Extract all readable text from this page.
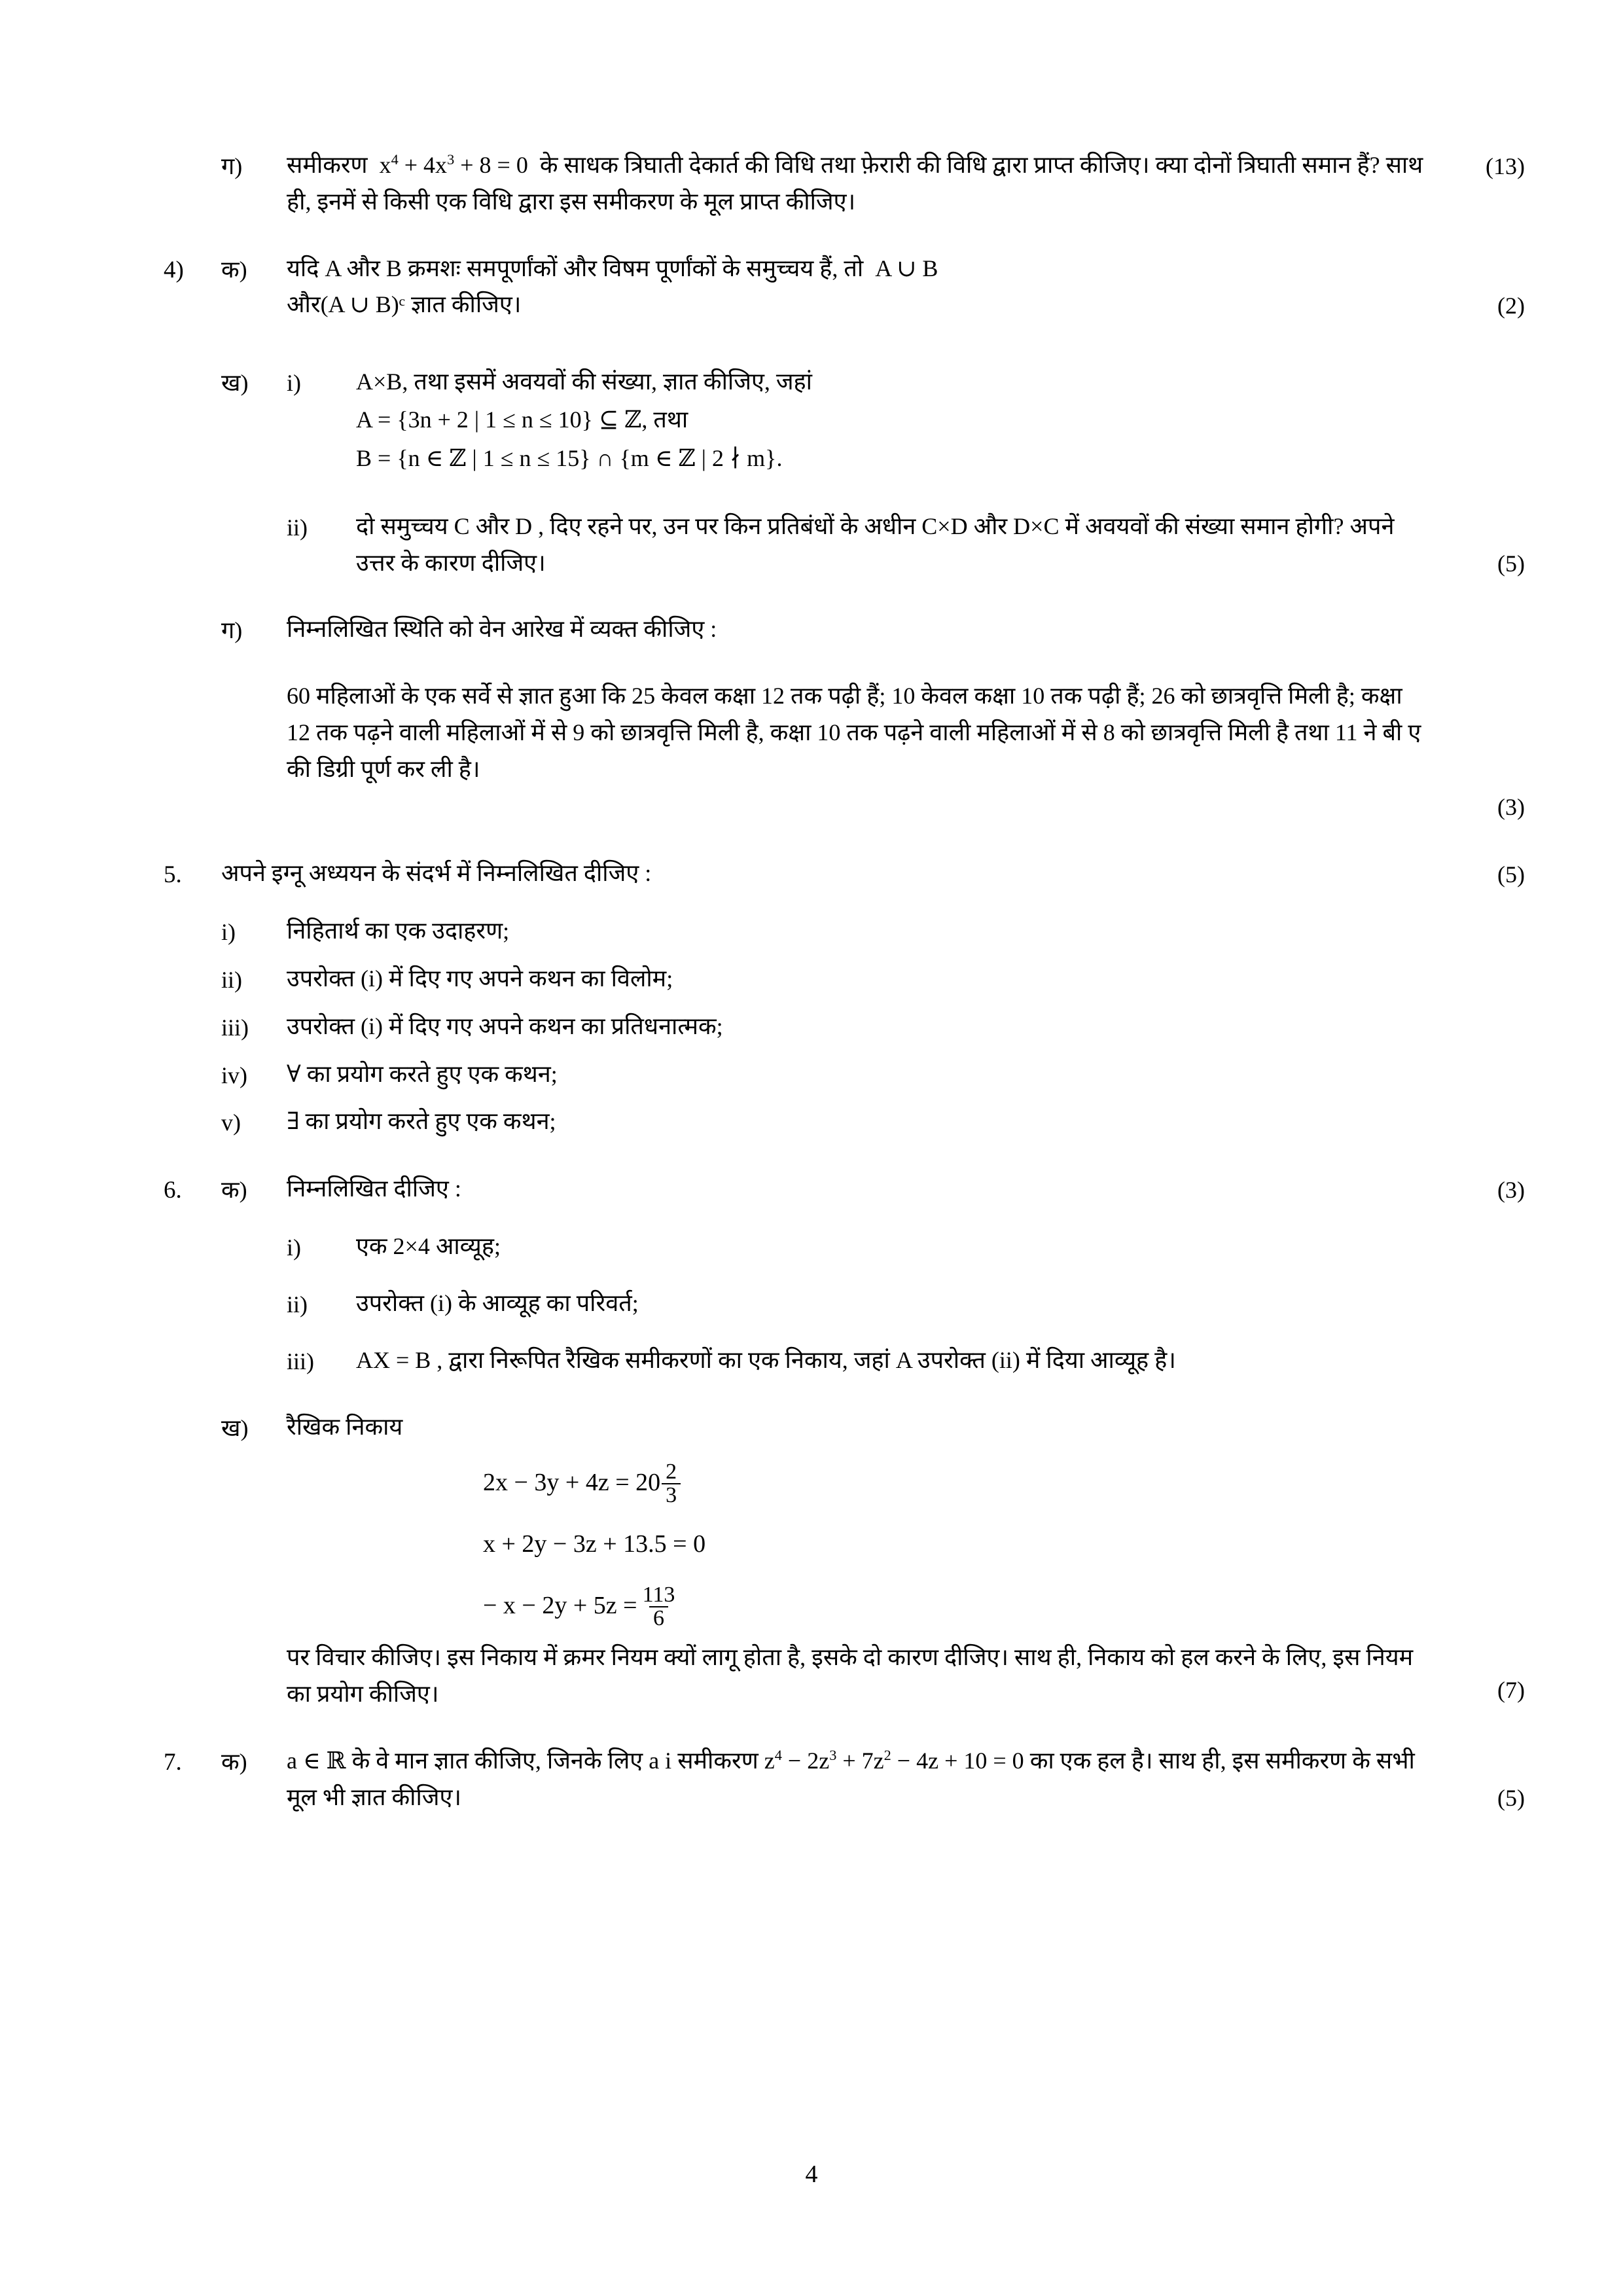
ग)	समीकरण $x^4 + 4x^3 + 8 = 0$ के साधक त्रिघाती देकार्त की विधि तथा फ़ेरारी की विधि द्वारा प्राप्त कीजिए। क्या दोनों त्रिघाती समान हैं? साथ ही, इनमें से किसी एक विधि द्वारा इस समीकरण के मूल प्राप्त कीजिए।
(13)
4)	क)	यदि A और B क्रमशः समपूर्णांकों और विषम पूर्णांकों के समुच्चय हैं, तो A ∪ B
और(A ∪ B)ᶜ ज्ञात कीजिए।	(2)
ख)	i)	A×B, तथा इसमें अवयवों की संख्या, ज्ञात कीजिए, जहां
A = {3n + 2 | 1 ≤ n ≤ 10} ⊆ ℤ, तथा
B = {n ∈ ℤ | 1 ≤ n ≤ 15} ∩ {m ∈ ℤ | 2 ∤ m}.
ii)	दो समुच्चय C और D , दिए रहने पर, उन पर किन प्रतिबंधों के अधीन C×D और D×C में अवयवों की संख्या समान होगी? अपने उत्तर के कारण दीजिए।	(5)
ग)	निम्नलिखित स्थिति को वेन आरेख में व्यक्त कीजिए :
60 महिलाओं के एक सर्वे से ज्ञात हुआ कि 25 केवल कक्षा 12 तक पढ़ी हैं; 10 केवल कक्षा 10 तक पढ़ी हैं; 26 को छात्रवृत्ति मिली है; कक्षा 12 तक पढ़ने वाली महिलाओं में से 9 को छात्रवृत्ति मिली है, कक्षा 10 तक पढ़ने वाली महिलाओं में से 8 को छात्रवृत्ति मिली है तथा 11 ने बी ए की डिग्री पूर्ण कर ली है।
(3)
5.	अपने इग्नू अध्ययन के संदर्भ में निम्नलिखित दीजिए :	(5)
i)	निहितार्थ का एक उदाहरण;
ii)	उपरोक्त (i) में दिए गए अपने कथन का विलोम;
iii)	उपरोक्त (i) में दिए गए अपने कथन का प्रतिधनात्मक;
iv)	∀ का प्रयोग करते हुए एक कथन;
v)	∃ का प्रयोग करते हुए एक कथन;
6.	क)	निम्नलिखित दीजिए :	(3)
i)	एक 2×4 आव्यूह;
ii)	उपरोक्त (i) के आव्यूह का परिवर्त;
iii)	AX = B , द्वारा निरूपित रैखिक समीकरणों का एक निकाय, जहां A उपरोक्त (ii) में दिया आव्यूह है।
ख)	रैखिक निकाय
$2x - 3y + 4z = 20 \frac{2}{3}$
x + 2y − 3z + 13.5 = 0
− $x - 2y + 5z = \frac{113}{6}$
पर विचार कीजिए। इस निकाय में क्रमर नियम क्यों लागू होता है, इसके दो कारण दीजिए। साथ ही, निकाय को हल करने के लिए, इस नियम का प्रयोग कीजिए।	(7)
7.	क)	a ∈ ℝ के वे मान ज्ञात कीजिए, जिनके लिए a i समीकरण $z^4 - 2z^3 + 7z^2 - 4z + 10 = 0$ का एक हल है। साथ ही, इस समीकरण के सभी मूल भी ज्ञात कीजिए।	(5)
4
